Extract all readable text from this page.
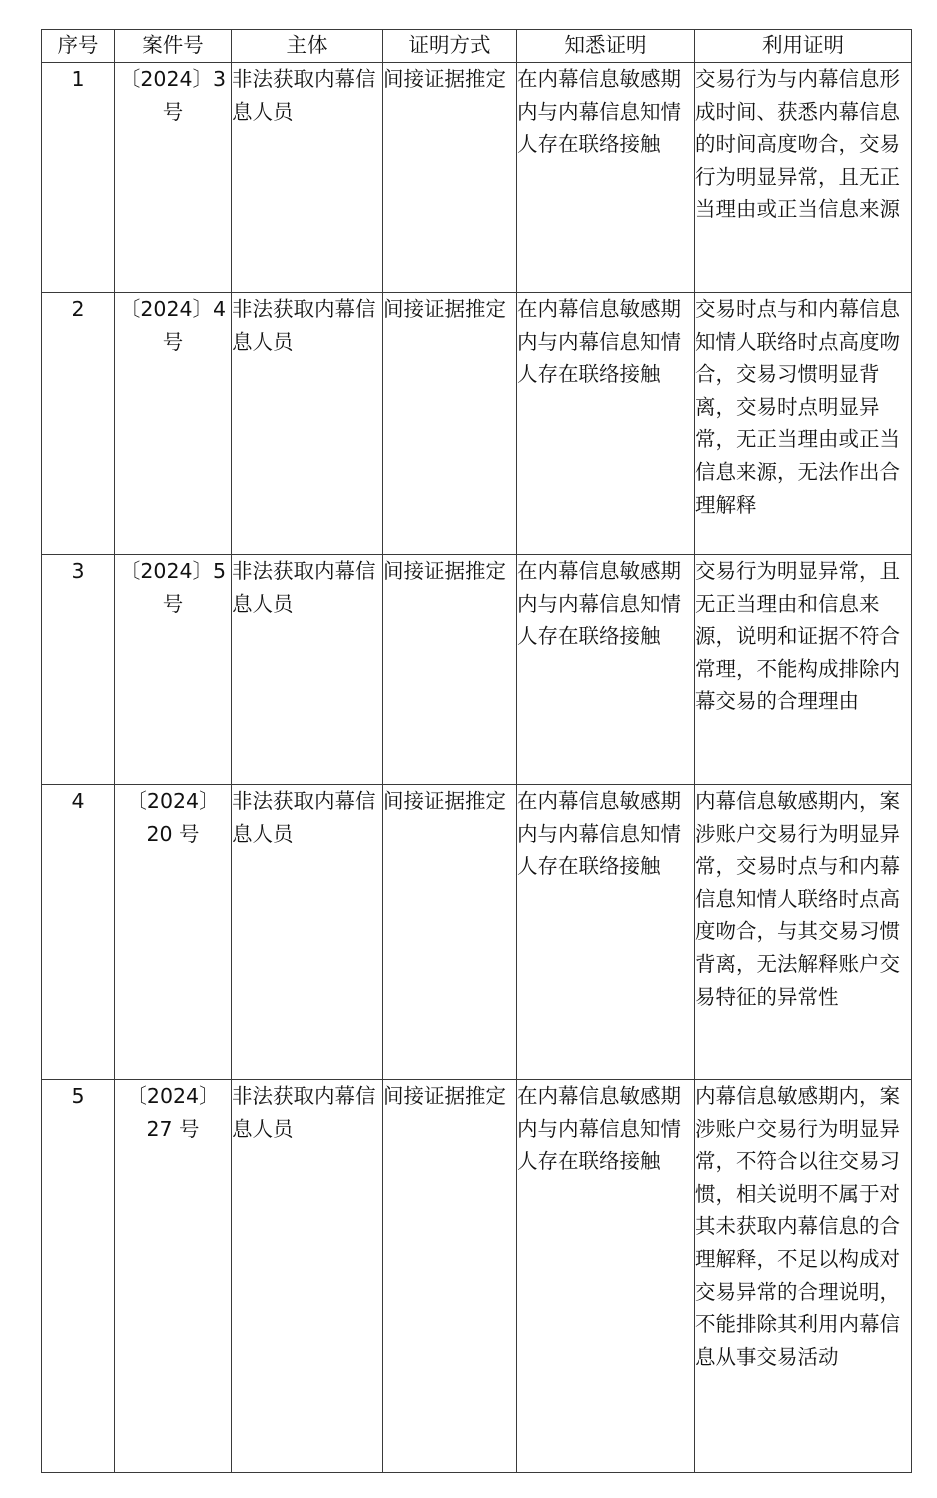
序号	案件号	主体	证明方式	知悉证明	利用证明
1	〔2024〕3 号	非法获取内幕信息人员	间接证据推定	在内幕信息敏感期内与内幕信息知情人存在联络接触	交易行为与内幕信息形成时间、获悉内幕信息的时间高度吻合，交易行为明显异常，且无正当理由或正当信息来源
2	〔2024〕4 号	非法获取内幕信息人员	间接证据推定	在内幕信息敏感期内与内幕信息知情人存在联络接触	交易时点与和内幕信息知情人联络时点高度吻合，交易习惯明显背离，交易时点明显异常，无正当理由或正当信息来源，无法作出合理解释
3	〔2024〕5 号	非法获取内幕信息人员	间接证据推定	在内幕信息敏感期内与内幕信息知情人存在联络接触	交易行为明显异常，且无正当理由和信息来源，说明和证据不符合常理，不能构成排除内幕交易的合理理由
4	〔2024〕20 号	非法获取内幕信息人员	间接证据推定	在内幕信息敏感期内与内幕信息知情人存在联络接触	内幕信息敏感期内，案涉账户交易行为明显异常，交易时点与和内幕信息知情人联络时点高度吻合，与其交易习惯背离，无法解释账户交易特征的异常性
5	〔2024〕27 号	非法获取内幕信息人员	间接证据推定	在内幕信息敏感期内与内幕信息知情人存在联络接触	内幕信息敏感期内，案涉账户交易行为明显异常，不符合以往交易习惯，相关说明不属于对其未获取内幕信息的合理解释，不足以构成对交易异常的合理说明，不能排除其利用内幕信息从事交易活动
